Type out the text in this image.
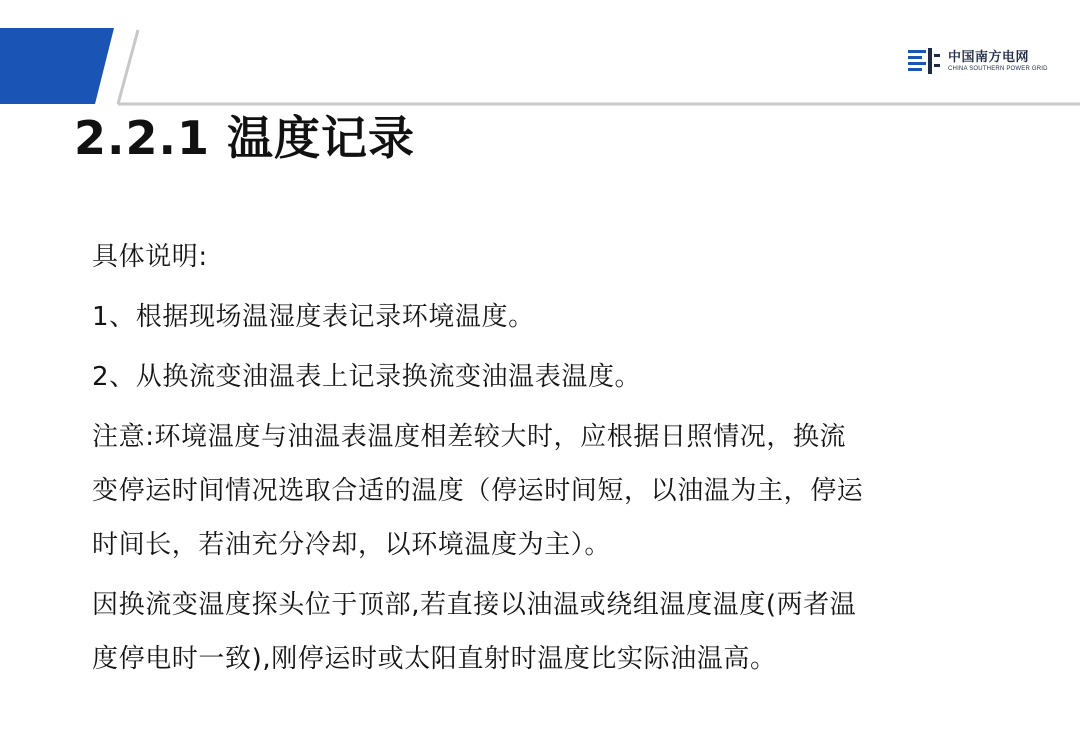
中国南方电网
CHINA SOUTHERN POWER GRID
2.2.1 温度记录

具体说明:

1、根据现场温湿度表记录环境温度。

2、从换流变油温表上记录换流变油温表温度。

注意:环境温度与油温表温度相差较大时，应根据日照情况，换流
变停运时间情况选取合适的温度（停运时间短，以油温为主，停运
时间长，若油充分冷却，以环境温度为主）。

因换流变温度探头位于顶部,若直接以油温或绕组温度温度(两者温
度停电时一致),刚停运时或太阳直射时温度比实际油温高。
